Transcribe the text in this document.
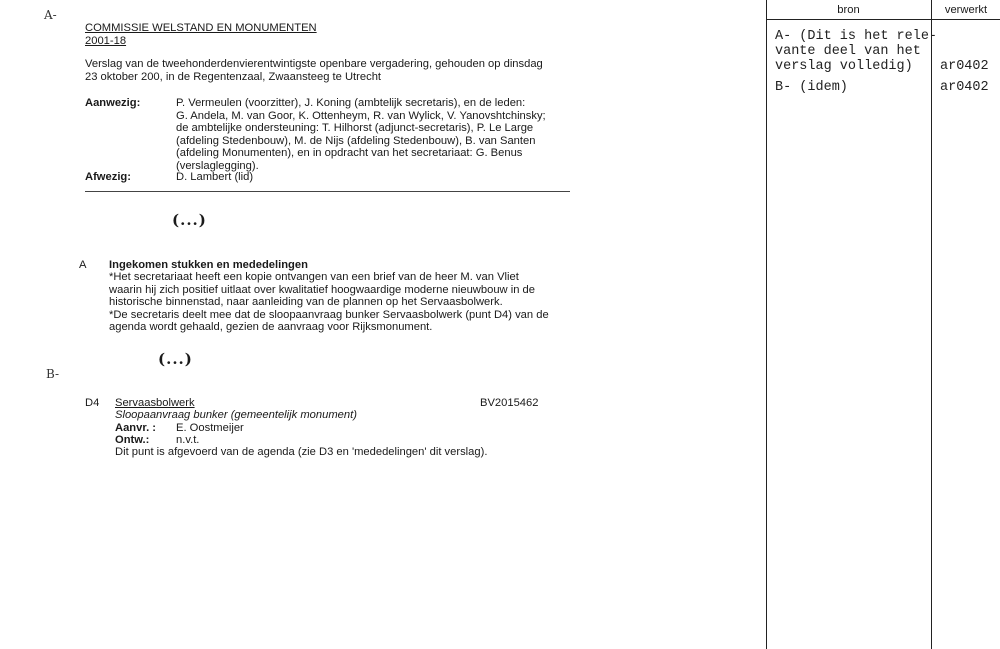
A-
B-
COMMISSIE WELSTAND EN MONUMENTEN
2001-18
Verslag van de tweehonderdenvierentwintigste openbare vergadering, gehouden op dinsdag
23 oktober 200, in de Regentenzaal, Zwaansteeg te Utrecht
Aanwezig:	P. Vermeulen (voorzitter), J. Koning (ambtelijk secretaris), en de leden:
G. Andela, M. van Goor, K. Ottenheym, R. van Wylick, V. Yanovshtchinsky;
de ambtelijke ondersteuning: T. Hilhorst (adjunct-secretaris), P. Le Large
(afdeling Stedenbouw), M. de Nijs (afdeling Stedenbouw), B. van Santen
(afdeling Monumenten), en in opdracht van het secretariaat: G. Benus
(verslaglegging).
Afwezig:	D. Lambert (lid)
(...)
A Ingekomen stukken en mededelingen
*Het secretariaat heeft een kopie ontvangen van een brief van de heer M. van Vliet
waarin hij zich positief uitlaat over kwalitatief hoogwaardige moderne nieuwbouw in de
historische binnenstad, naar aanleiding van de plannen op het Servaasbolwerk.
*De secretaris deelt mee dat de sloopaanvraag bunker Servaasbolwerk (punt D4) van de
agenda wordt gehaald, gezien de aanvraag voor Rijksmonument.
(...)
D4 Servaasbolwerk	BV2015462
Sloopaanvraag bunker (gemeentelijk monument)
Aanvr. : E. Oostmeijer
Ontw.: n.v.t.
Dit punt is afgevoerd van de agenda (zie D3 en 'mededelingen' dit verslag).
bron	verwerkt
A- (Dit is het rele-
vante deel van het
verslag volledig)	ar0402
B- (idem)	ar0402
